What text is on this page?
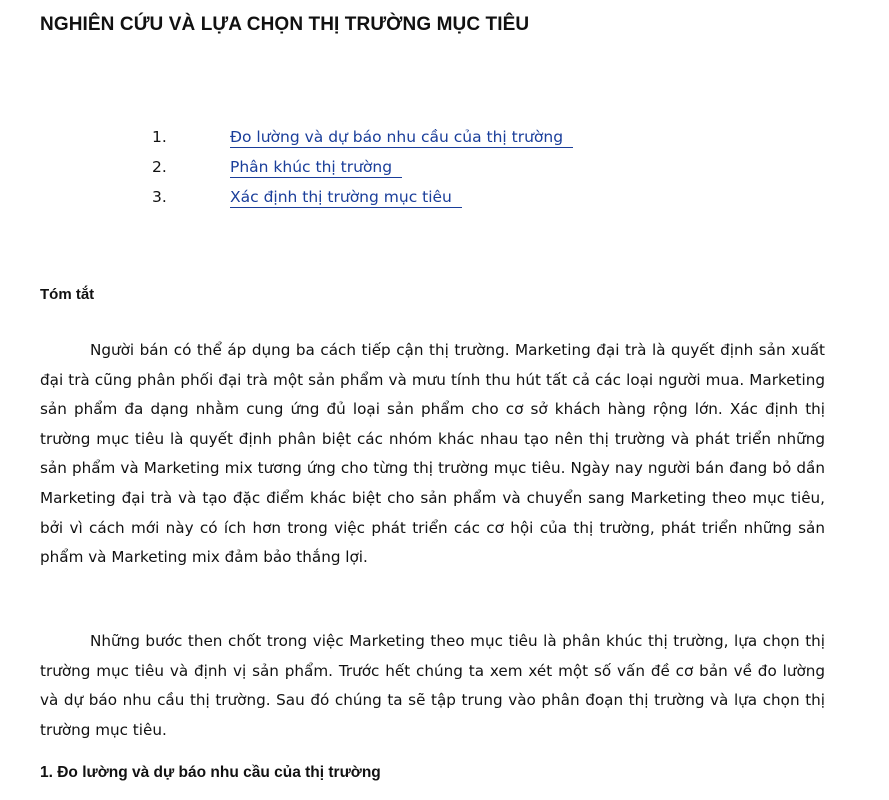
NGHIÊN CỨU VÀ LỰA CHỌN THỊ TRƯỜNG MỤC TIÊU
1.	Đo lường và dự báo nhu cầu của thị trường
2.	Phân khúc thị trường
3.	Xác định thị trường mục tiêu
Tóm tắt

Người bán có thể áp dụng ba cách tiếp cận thị trường. Marketing đại trà là quyết định sản xuất đại trà cũng phân phối đại trà một sản phẩm và mưu tính thu hút tất cả các loại người mua. Marketing sản phẩm đa dạng nhằm cung ứng đủ loại sản phẩm cho cơ sở khách hàng rộng lớn. Xác định thị trường mục tiêu là quyết định phân biệt các nhóm khác nhau tạo nên thị trường và phát triển những sản phẩm và Marketing mix tương ứng cho từng thị trường mục tiêu. Ngày nay người bán đang bỏ dần Marketing đại trà và tạo đặc điểm khác biệt cho sản phẩm và chuyển sang Marketing theo mục tiêu, bởi vì cách mới này có ích hơn trong việc phát triển các cơ hội của thị trường, phát triển những sản phẩm và Marketing mix đảm bảo thắng lợi.

Những bước then chốt trong việc Marketing theo mục tiêu là phân khúc thị trường, lựa chọn thị trường mục tiêu và định vị sản phẩm. Trước hết chúng ta xem xét một số vấn đề cơ bản về đo lường và dự báo nhu cầu thị trường. Sau đó chúng ta sẽ tập trung vào phân đoạn thị trường và lựa chọn thị trường mục tiêu.

1. Đo lường và dự báo nhu cầu của thị trường
